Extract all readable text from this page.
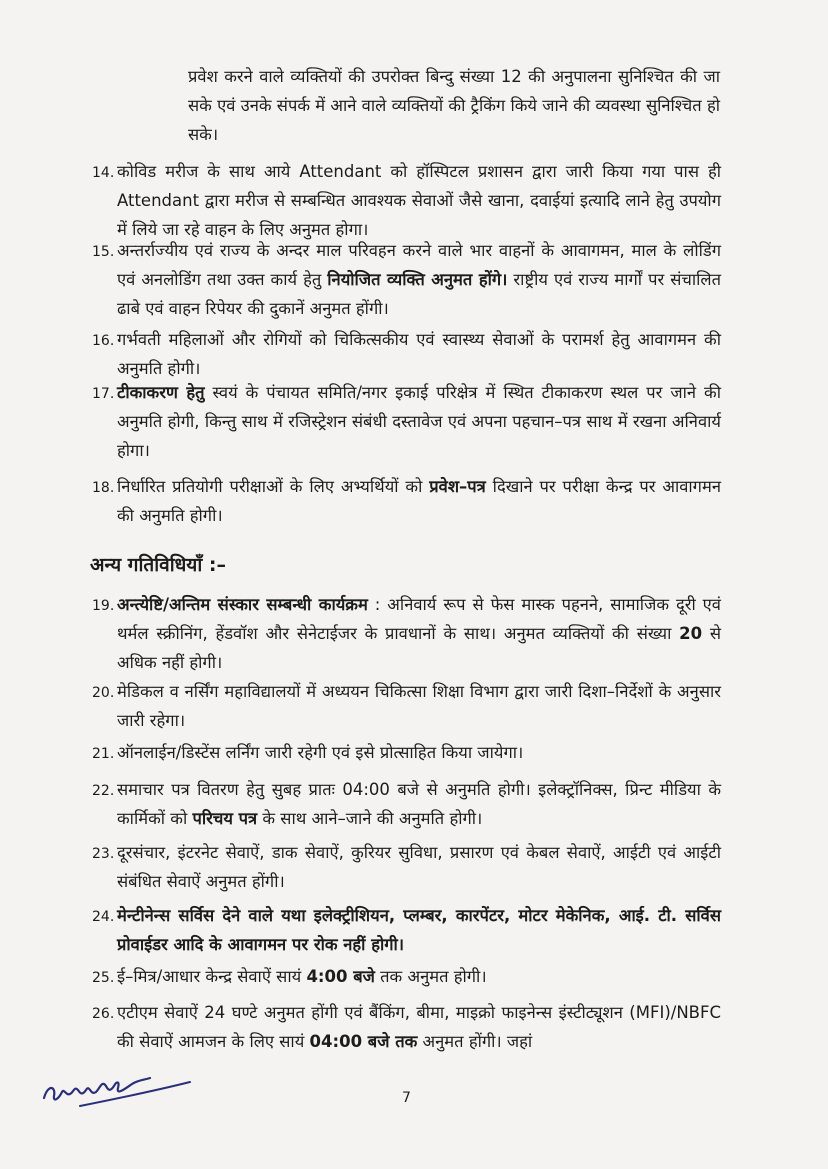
प्रवेश करने वाले व्यक्तियों की उपरोक्त बिन्दु संख्या 12 की अनुपालना सुनिश्चित की जा सके एवं उनके संपर्क में आने वाले व्यक्तियों की ट्रैकिंग किये जाने की व्यवस्था सुनिश्चित हो सके।
14. कोविड मरीज के साथ आये Attendant को हॉस्पिटल प्रशासन द्वारा जारी किया गया पास ही Attendant द्वारा मरीज से सम्बन्धित आवश्यक सेवाओं जैसे खाना, दवाईयां इत्यादि लाने हेतु उपयोग में लिये जा रहे वाहन के लिए अनुमत होगा।
15. अन्तर्राज्यीय एवं राज्य के अन्दर माल परिवहन करने वाले भार वाहनों के आवागमन, माल के लोडिंग एवं अनलोडिंग तथा उक्त कार्य हेतु नियोजित व्यक्ति अनुमत होंगे। राष्ट्रीय एवं राज्य मार्गों पर संचालित ढाबे एवं वाहन रिपेयर की दुकानें अनुमत होंगी।
16. गर्भवती महिलाओं और रोगियों को चिकित्सकीय एवं स्वास्थ्य सेवाओं के परामर्श हेतु आवागमन की अनुमति होगी।
17. टीकाकरण हेतु स्वयं के पंचायत समिति/नगर इकाई परिक्षेत्र में स्थित टीकाकरण स्थल पर जाने की अनुमति होगी, किन्तु साथ में रजिस्ट्रेशन संबंधी दस्तावेज एवं अपना पहचान–पत्र साथ में रखना अनिवार्य होगा।
18. निर्धारित प्रतियोगी परीक्षाओं के लिए अभ्यर्थियों को प्रवेश–पत्र दिखाने पर परीक्षा केन्द्र पर आवागमन की अनुमति होगी।
अन्य गतिविधियाँ :–
19. अन्त्येष्टि/अन्तिम संस्कार सम्बन्धी कार्यक्रम : अनिवार्य रूप से फेस मास्क पहनने, सामाजिक दूरी एवं थर्मल स्क्रीनिंग, हेंडवॉश और सेनेटाईजर के प्रावधानों के साथ। अनुमत व्यक्तियों की संख्या 20 से अधिक नहीं होगी।
20. मेडिकल व नर्सिंग महाविद्यालयों में अध्ययन चिकित्सा शिक्षा विभाग द्वारा जारी दिशा–निर्देशों के अनुसार जारी रहेगा।
21. ऑनलाईन/डिस्टेंस लर्निंग जारी रहेगी एवं इसे प्रोत्साहित किया जायेगा।
22. समाचार पत्र वितरण हेतु सुबह प्रातः 04:00 बजे से अनुमति होगी। इलेक्ट्रॉनिक्स, प्रिन्ट मीडिया के कार्मिकों को परिचय पत्र के साथ आने–जाने की अनुमति होगी।
23. दूरसंचार, इंटरनेट सेवाऐं, डाक सेवाऐं, कुरियर सुविधा, प्रसारण एवं केबल सेवाऐं, आईटी एवं आईटी संबंधित सेवाऐं अनुमत होंगी।
24. मेन्टीनेन्स सर्विस देने वाले यथा इलेक्ट्रीशियन, प्लम्बर, कारपेंटर, मोटर मेकेनिक, आई. टी. सर्विस प्रोवाईडर आदि के आवागमन पर रोक नहीं होगी।
25. ई–मित्र/आधार केन्द्र सेवाऐं सायं 4:00 बजे तक अनुमत होगी।
26. एटीएम सेवाऐं 24 घण्टे अनुमत होंगी एवं बैंकिंग, बीमा, माइक्रो फाइनेन्स इंस्टीट्यूशन (MFI)/NBFC की सेवाऐं आमजन के लिए सायं 04:00 बजे तक अनुमत होंगी। जहां
7
